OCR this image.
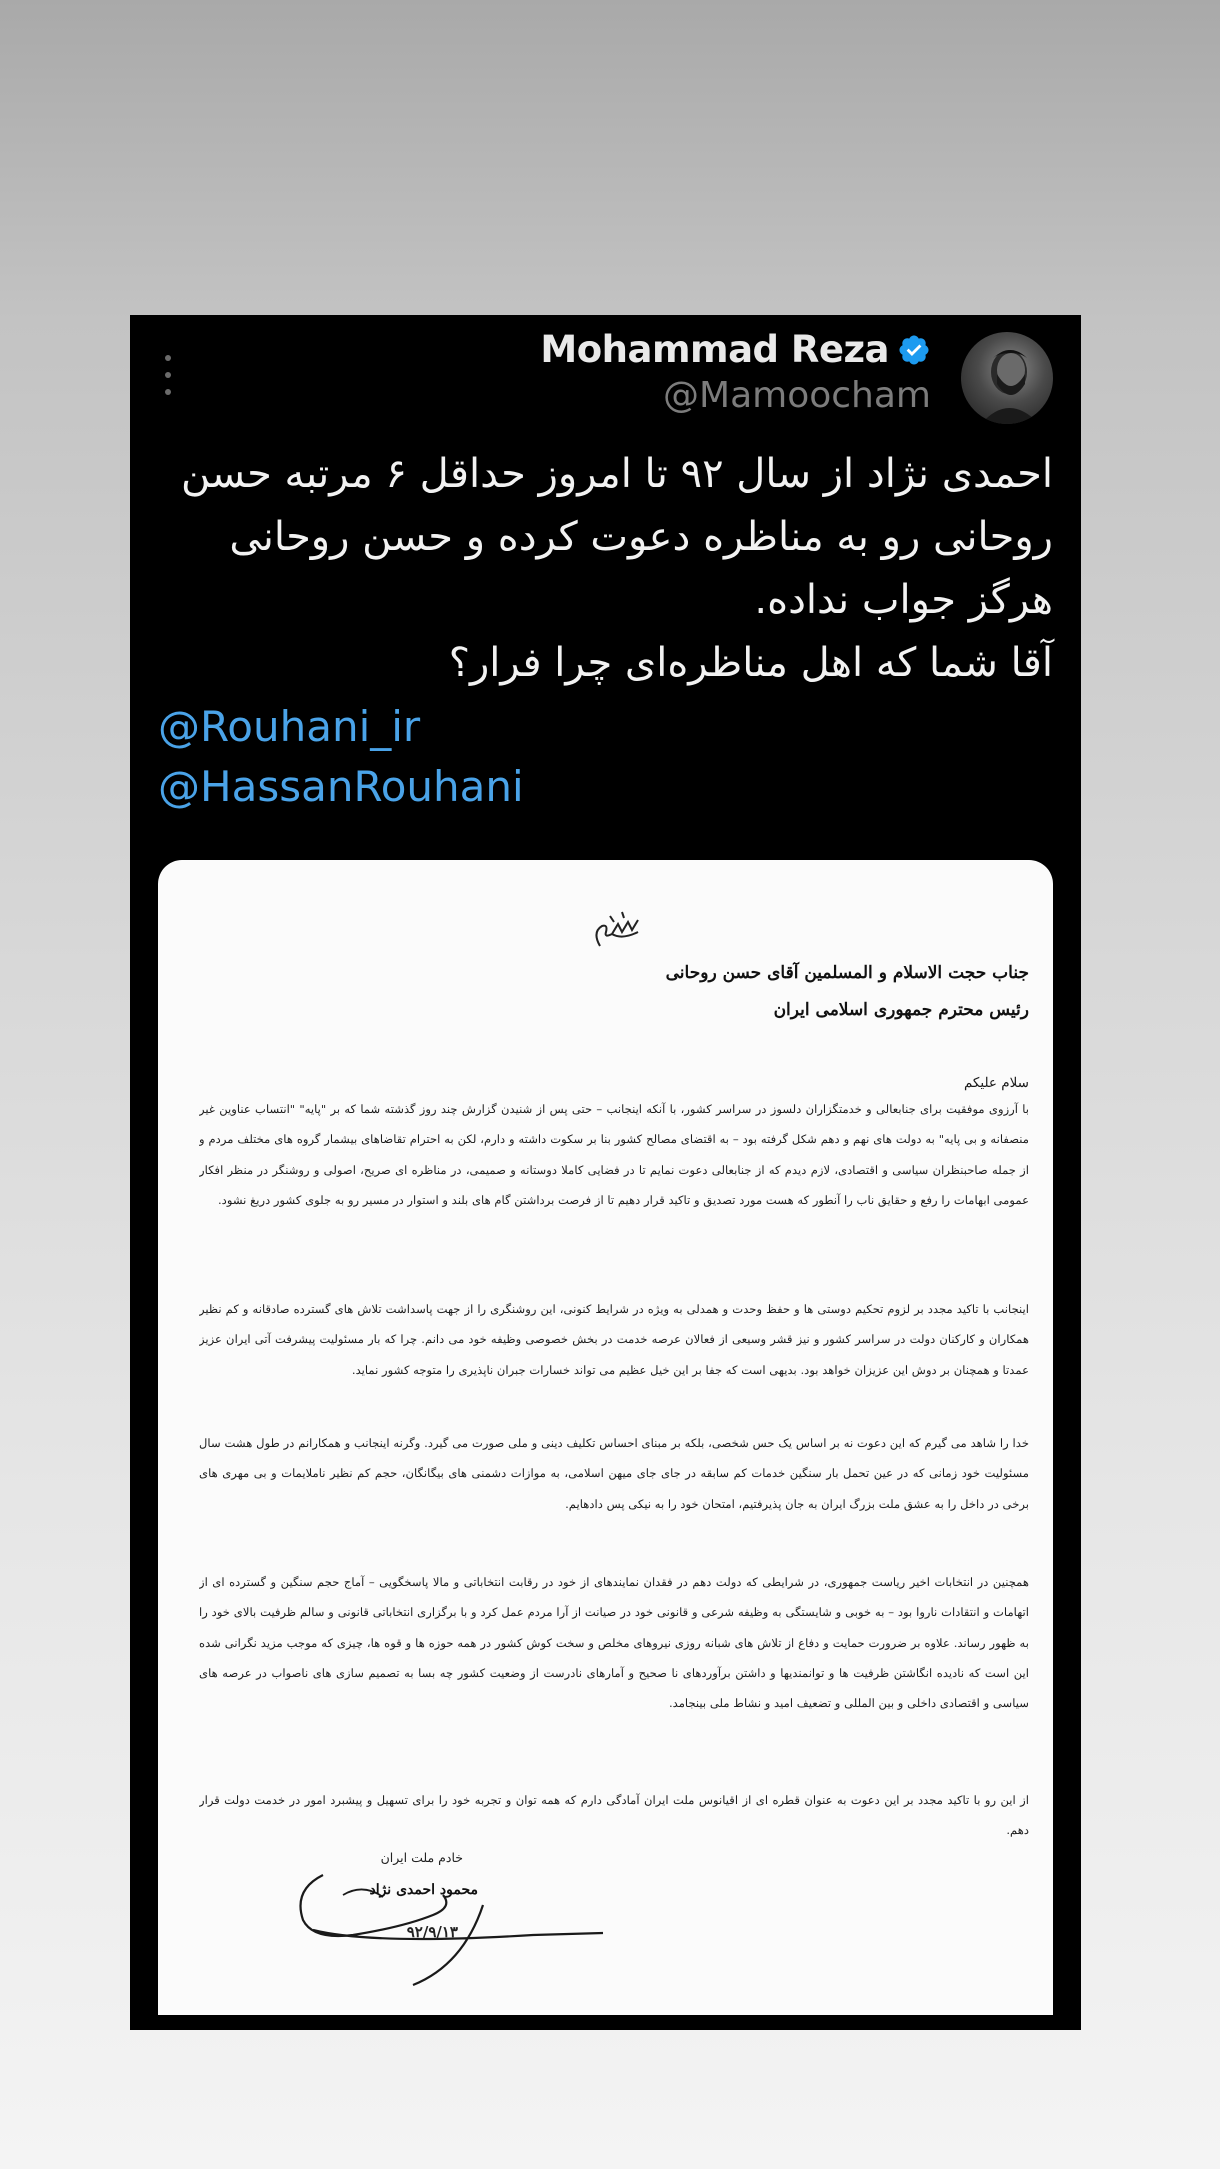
Mohammad Reza
@Mamoocham
احمدی نژاد از سال ۹۲ تا امروز حداقل ۶ مرتبه حسن روحانی رو به مناظره دعوت کرده و حسن روحانی هرگز جواب نداده.
آقا شما که اهل مناظره‌ای چرا فرار؟
@Rouhani_ir
@HassanRouhani
جناب حجت الاسلام و المسلمین آقای حسن روحانی
رئیس محترم جمهوری اسلامی ایران
سلام علیکم
با آرزوی موفقیت برای جنابعالی و خدمتگزاران دلسوز در سراسر کشور، با آنکه اینجانب – حتی پس از شنیدن گزارش چند روز گذشته شما که بر "پایه" "انتساب عناوین غیر منصفانه و بی پایه" به دولت های نهم و دهم شکل گرفته بود – به اقتضای مصالح کشور بنا بر سکوت داشته و دارم، لکن به احترام تقاضاهای بیشمار گروه های مختلف مردم و از جمله صاحبنظران سیاسی و اقتصادی، لازم دیدم که از جنابعالی دعوت نمایم تا در فضایی کاملا دوستانه و صمیمی، در مناظره ای صریح، اصولی و روشنگر در منظر افکار عمومی ابهامات را رفع و حقایق ناب را آنطور که هست مورد تصدیق و تاکید قرار دهیم تا از فرصت برداشتن گام های بلند و استوار در مسیر رو به جلوی کشور دریغ نشود.
اینجانب با تاکید مجدد بر لزوم تحکیم دوستی ها و حفظ وحدت و همدلی به ویژه در شرایط کنونی، این روشنگری را از جهت پاسداشت تلاش های گسترده صادقانه و کم نظیر همکاران و کارکنان دولت در سراسر کشور و نیز قشر وسیعی از فعالان عرصه خدمت در بخش خصوصی وظیفه خود می دانم. چرا که بار مسئولیت پیشرفت آتی ایران عزیز عمدتا و همچنان بر دوش این عزیزان خواهد بود. بدیهی است که جفا بر این خیل عظیم می تواند خسارات جبران ناپذیری را متوجه کشور نماید.
خدا را شاهد می گیرم که این دعوت نه بر اساس یک حس شخصی، بلکه بر مبنای احساس تکلیف دینی و ملی صورت می گیرد. وگرنه اینجانب و همکارانم در طول هشت سال مسئولیت خود زمانی که در عین تحمل بار سنگین خدمات کم سابقه در جای جای میهن اسلامی، به موازات دشمنی های بیگانگان، حجم کم نظیر ناملایمات و بی مهری های برخی در داخل را به عشق ملت بزرگ ایران به جان پذیرفتیم، امتحان خود را به نیکی پس دادهایم.
همچنین در انتخابات اخیر ریاست جمهوری، در شرایطی که دولت دهم در فقدان نمایندهای از خود در رقابت انتخاباتی و مالا پاسخگویی – آماج حجم سنگین و گسترده ای از اتهامات و انتقادات ناروا بود – به خوبی و شایستگی به وظیفه شرعی و قانونی خود در صیانت از آرا مردم عمل کرد و با برگزاری انتخاباتی قانونی و سالم ظرفیت بالای خود را به ظهور رساند. علاوه بر ضرورت حمایت و دفاع از تلاش های شبانه روزی نیروهای مخلص و سخت کوش کشور در همه حوزه ها و قوه ها، چیزی که موجب مزید نگرانی شده این است که نادیده انگاشتن ظرفیت ها و توانمندیها و داشتن برآوردهای نا صحیح و آمارهای نادرست از وضعیت کشور چه بسا به تصمیم سازی های ناصواب در عرصه های سیاسی و اقتصادی داخلی و بین المللی و تضعیف امید و نشاط ملی بینجامد.
از این رو با تاکید مجدد بر این دعوت به عنوان قطره ای از اقیانوس ملت ایران آمادگی دارم که همه توان و تجربه خود را برای تسهیل و پیشبرد امور در خدمت دولت قرار دهم.
خادم ملت ایران
محمود احمدی نژاد
۹۲/۹/۱۳
